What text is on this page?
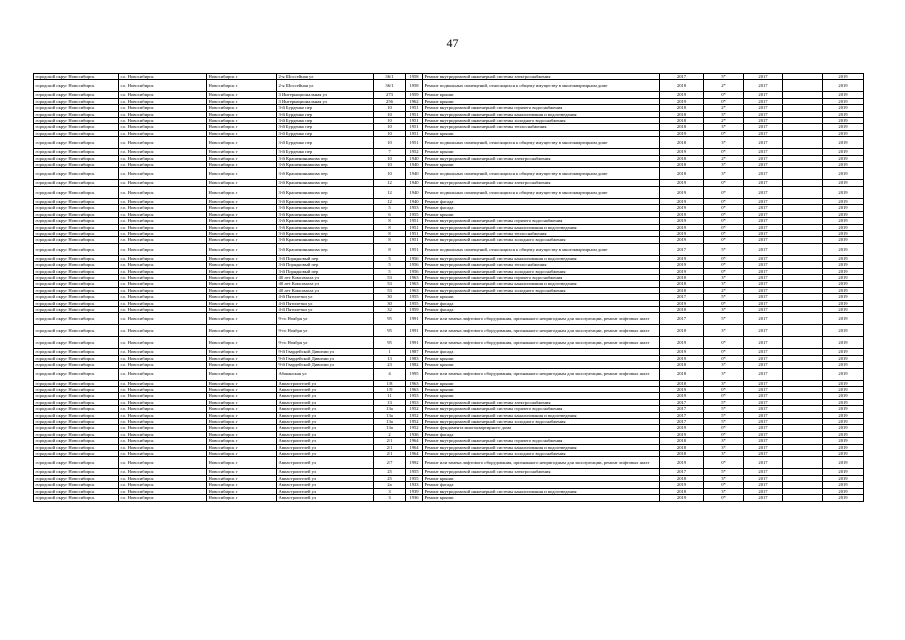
47
городской округ Новосибирск	г.о. Новосибирск	Новосибирск г	2-я Шоссейная ул	36/1	1958	Ремонт внутридомовой инженерной системы электроснабжения	2017	5*	2017		2019
городской округ Новосибирск	г.о. Новосибирск	Новосибирск г	2-я Шоссейная ул	36/1	1958	Ремонт подвальных помещений, относящихся к общему имуществу в многоквартирном доме	2018	2*	2017		2019
городской округ Новосибирск	г.о. Новосибирск	Новосибирск г	3 Интернациональная ул	273	1959	Ремонт крыши	2019	0*	2017		2019
городской округ Новосибирск	г.о. Новосибирск	Новосибирск г	3 Интернациональная ул	256	1962	Ремонт крыши	2019	0*	2017		2019
городской округ Новосибирск	г.о. Новосибирск	Новосибирск г	3-й Бурденко пер	10	1951	Ремонт внутридомовой инженерной системы горячего водоснабжения	2018	2*	2017		2019
городской округ Новосибирск	г.о. Новосибирск	Новосибирск г	3-й Бурденко пер	10	1951	Ремонт внутридомовой инженерной системы канализования и водоотведения	2018	3*	2017		2019
городской округ Новосибирск	г.о. Новосибирск	Новосибирск г	3-й Бурденко пер	10	1951	Ремонт внутридомовой инженерной системы холодного водоснабжения	2018	2*	2017		2019
городской округ Новосибирск	г.о. Новосибирск	Новосибирск г	3-й Бурденко пер	10	1951	Ремонт внутридомовой инженерной системы теплоснабжения	2018	3*	2017		2019
городской округ Новосибирск	г.о. Новосибирск	Новосибирск г	3-й Бурденко пер	10	1951	Ремонт крыши	2019	0*	2017		2019
городской округ Новосибирск	г.о. Новосибирск	Новосибирск г	3-й Бурденко пер	10	1951	Ремонт подвальных помещений, относящихся к общему имуществу в многоквартирном доме	2018	3*	2017		2019
городской округ Новосибирск	г.о. Новосибирск	Новосибирск г	3-й Бурденко пер	7	1952	Ремонт крыши	2019	0*	2017		2019
городской округ Новосибирск	г.о. Новосибирск	Новосибирск г	3-й Крашенинникова пер	10	1940	Ремонт внутридомовой инженерной системы электроснабжения	2018	2*	2017		2019
городской округ Новосибирск	г.о. Новосибирск	Новосибирск г	3-й Крашенинникова пер	10	1940	Ремонт крыши	2018	3*	2017		2019
городской округ Новосибирск	г.о. Новосибирск	Новосибирск г	3-й Крашенинникова пер	10	1940	Ремонт подвальных помещений, относящихся к общему имуществу в многоквартирном доме	2018	3*	2017		2019
городской округ Новосибирск	г.о. Новосибирск	Новосибирск г	3-й Крашенинникова пер	12	1940	Ремонт внутридомовой инженерной системы электроснабжения	2019	0*	2017		2019
городской округ Новосибирск	г.о. Новосибирск	Новосибирск г	3-й Крашенинникова пер	12	1940	Ремонт подвальных помещений, относящихся к общему имуществу в многоквартирном доме	2019	0*	2017		2019
городской округ Новосибирск	г.о. Новосибирск	Новосибирск г	3-й Крашенинникова пер	12	1940	Ремонт фасада	2019	0*	2017		2019
городской округ Новосибирск	г.о. Новосибирск	Новосибирск г	3-й Крашенинникова пер	5	1953	Ремонт фасада	2019	0*	2017		2019
городской округ Новосибирск	г.о. Новосибирск	Новосибирск г	3-й Крашенинникова пер	6	1955	Ремонт крыши	2019	0*	2017		2019
городской округ Новосибирск	г.о. Новосибирск	Новосибирск г	3-й Крашенинникова пер	8	1951	Ремонт внутридомовой инженерной системы горячего водоснабжения	2019	0*	2017		2019
городской округ Новосибирск	г.о. Новосибирск	Новосибирск г	3-й Крашенинникова пер	8	1951	Ремонт внутридомовой инженерной системы канализования и водоотведения	2019	0*	2017		2019
городской округ Новосибирск	г.о. Новосибирск	Новосибирск г	3-й Крашенинникова пер	8	1951	Ремонт внутридомовой инженерной системы теплоснабжения	2019	0*	2017		2019
городской округ Новосибирск	г.о. Новосибирск	Новосибирск г	3-й Крашенинникова пер	8	1951	Ремонт внутридомовой инженерной системы холодного водоснабжения	2019	0*	2017		2019
городской округ Новосибирск	г.о. Новосибирск	Новосибирск г	3-й Крашенинникова пер	8	1951	Ремонт подвальных помещений, относящихся к общему имуществу в многоквартирном доме	2017	5*	2017		2019
городской округ Новосибирск	г.о. Новосибирск	Новосибирск г	3-й Порядковый пер	5	1956	Ремонт внутридомовой инженерной системы канализования и водоотведения	2019	0*	2017		2019
городской округ Новосибирск	г.о. Новосибирск	Новосибирск г	3-й Порядковый пер	5	1956	Ремонт внутридомовой инженерной системы теплоснабжения	2019	0*	2017		2019
городской округ Новосибирск	г.о. Новосибирск	Новосибирск г	3-й Порядковый пер	5	1956	Ремонт внутридомовой инженерной системы холодного водоснабжения	2019	0*	2017		2019
городской округ Новосибирск	г.о. Новосибирск	Новосибирск г	40 лет Комсомола ул	53	1963	Ремонт внутридомовой инженерной системы горячего водоснабжения	2018	3*	2017		2019
городской округ Новосибирск	г.о. Новосибирск	Новосибирск г	40 лет Комсомола ул	53	1963	Ремонт внутридомовой инженерной системы канализования и водоотведения	2018	3*	2017		2019
городской округ Новосибирск	г.о. Новосибирск	Новосибирск г	40 лет Комсомола ул	53	1963	Ремонт внутридомовой инженерной системы холодного водоснабжения	2018	2*	2017		2019
городской округ Новосибирск	г.о. Новосибирск	Новосибирск г	4-й Пятилетки ул	30	1955	Ремонт крыши	2017	5*	2017		2019
городской округ Новосибирск	г.о. Новосибирск	Новосибирск г	4-й Пятилетки ул	30	1955	Ремонт фасада	2019	0*	2017		2019
городской округ Новосибирск	г.о. Новосибирск	Новосибирск г	4-й Пятилетки ул	32	1959	Ремонт фасада	2018	3*	2017		2019
городской округ Новосибирск	г.о. Новосибирск	Новосибирск г	9-го Ноября ул	95	1991	Ремонт или замена лифтового оборудования, признанного непригодным для эксплуатации, ремонт лифтовых шахт	2017	5*	2017		2019
городской округ Новосибирск	г.о. Новосибирск	Новосибирск г	9-го Ноября ул	95	1991	Ремонт или замена лифтового оборудования, признанного непригодным для эксплуатации, ремонт лифтовых шахт	2018	3*	2017		2019
городской округ Новосибирск	г.о. Новосибирск	Новосибирск г	9-го Ноября ул	95	1991	Ремонт или замена лифтового оборудования, признанного непригодным для эксплуатации, ремонт лифтовых шахт	2019	0*	2017		2019
городской округ Новосибирск	г.о. Новосибирск	Новосибирск г	9-й Гвардейской Дивизии ул	1	1987	Ремонт фасада	2019	0*	2017		2019
городской округ Новосибирск	г.о. Новосибирск	Новосибирск г	9-й Гвардейской Дивизии ул	13	1983	Ремонт крыши	2019	0*	2017		2019
городской округ Новосибирск	г.о. Новосибирск	Новосибирск г	9-й Гвардейской Дивизии ул	23	1982	Ремонт крыши	2018	3*	2017		2019
городской округ Новосибирск	г.о. Новосибирск	Новосибирск г	Абаканская ул	4	1995	Ремонт или замена лифтового оборудования, признанного непригодным для эксплуатации, ремонт лифтовых шахт	2018	3*	2017		2019
городской округ Новосибирск	г.о. Новосибирск	Новосибирск г	Авиастроителей ул	1/8	1963	Ремонт крыши	2018	3*	2017		2019
городской округ Новосибирск	г.о. Новосибирск	Новосибирск г	Авиастроителей ул	1/9	1963	Ремонт крыши	2019	0*	2017		2019
городской округ Новосибирск	г.о. Новосибирск	Новосибирск г	Авиастроителей ул	11	1953	Ремонт крыши	2019	0*	2017		2019
городской округ Новосибирск	г.о. Новосибирск	Новосибирск г	Авиастроителей ул	13	1953	Ремонт внутридомовой инженерной системы электроснабжения	2017	5*	2017		2019
городской округ Новосибирск	г.о. Новосибирск	Новосибирск г	Авиастроителей ул	13а	1952	Ремонт внутридомовой инженерной системы горячего водоснабжения	2017	5*	2017		2019
городской округ Новосибирск	г.о. Новосибирск	Новосибирск г	Авиастроителей ул	13а	1952	Ремонт внутридомовой инженерной системы канализования и водоотведения	2017	5*	2017		2019
городской округ Новосибирск	г.о. Новосибирск	Новосибирск г	Авиастроителей ул	13а	1952	Ремонт внутридомовой инженерной системы холодного водоснабжения	2017	5*	2017		2019
городской округ Новосибирск	г.о. Новосибирск	Новосибирск г	Авиастроителей ул	13а	1952	Ремонт фундамента многоквартирного дома	2019	0*	2017		2019
городской округ Новосибирск	г.о. Новосибирск	Новосибирск г	Авиастроителей ул	2	1936	Ремонт фасада	2019	0*	2017		2019
городской округ Новосибирск	г.о. Новосибирск	Новосибирск г	Авиастроителей ул	2/1	1964	Ремонт внутридомовой инженерной системы горячего водоснабжения	2018	3*	2017		2019
городской округ Новосибирск	г.о. Новосибирск	Новосибирск г	Авиастроителей ул	2/1	1964	Ремонт внутридомовой инженерной системы канализования и водоотведения	2018	3*	2017		2019
городской округ Новосибирск	г.о. Новосибирск	Новосибирск г	Авиастроителей ул	2/1	1964	Ремонт внутридомовой инженерной системы холодного водоснабжения	2018	3*	2017		2019
городской округ Новосибирск	г.о. Новосибирск	Новосибирск г	Авиастроителей ул	2/7	1992	Ремонт или замена лифтового оборудования, признанного непригодным для эксплуатации, ремонт лифтовых шахт	2019	0*	2017		2019
городской округ Новосибирск	г.о. Новосибирск	Новосибирск г	Авиастроителей ул	25	1955	Ремонт внутридомовой инженерной системы электроснабжения	2017	5*	2017		2019
городской округ Новосибирск	г.о. Новосибирск	Новосибирск г	Авиастроителей ул	25	1955	Ремонт крыши	2018	3*	2017		2019
городской округ Новосибирск	г.о. Новосибирск	Новосибирск г	Авиастроителей ул	2а	1933	Ремонт фасада	2019	0*	2017		2019
городской округ Новосибирск	г.о. Новосибирск	Новосибирск г	Авиастроителей ул	3	1939	Ремонт внутридомовой инженерной системы канализования и водоотведения	2018	3*	2017		2019
городской округ Новосибирск	г.о. Новосибирск	Новосибирск г	Авиастроителей ул	3	1936	Ремонт крыши	2019	0*	2017		2019
